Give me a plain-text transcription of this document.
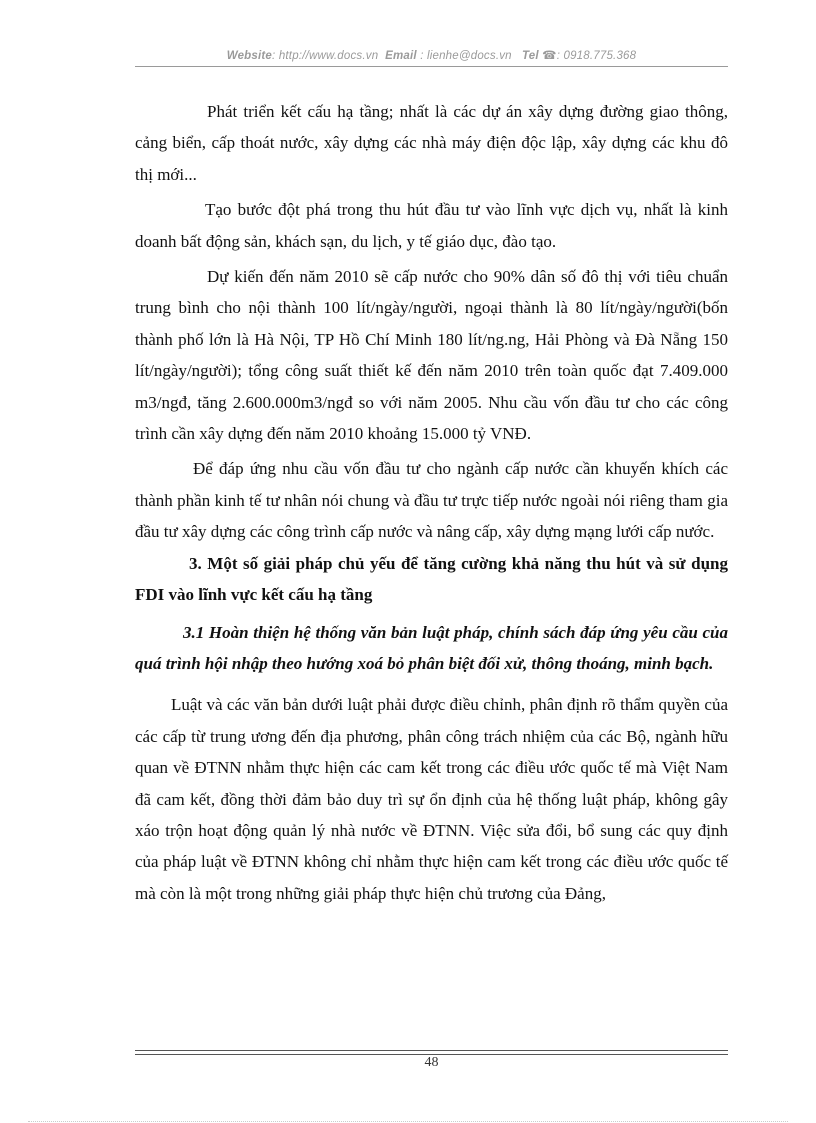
Website: http://www.docs.vn Email : lienhe@docs.vn Tel ☎: 0918.775.368

Phát triển kết cấu hạ tầng; nhất là các dự án xây dựng đường giao thông, cảng biển, cấp thoát nước, xây dựng các nhà máy điện độc lập, xây dựng các khu đô thị mới...

Tạo bước đột phá trong thu hút đầu tư vào lĩnh vực dịch vụ, nhất là kinh doanh bất động sản, khách sạn, du lịch, y tế giáo dục, đào tạo.

Dự kiến đến năm 2010 sẽ cấp nước cho 90% dân số đô thị với tiêu chuẩn trung bình cho nội thành 100 lít/ngày/người, ngoại thành là 80 lít/ngày/người(bốn thành phố lớn là Hà Nội, TP Hồ Chí Minh 180 lít/ng.ng, Hải Phòng và Đà Nẵng 150 lít/ngày/người); tổng công suất thiết kế đến năm 2010 trên toàn quốc đạt 7.409.000 m3/ngđ, tăng 2.600.000m3/ngđ so với năm 2005. Nhu cầu vốn đầu tư cho các công trình cần xây dựng đến năm 2010 khoảng 15.000 tỷ VNĐ.

Để đáp ứng nhu cầu vốn đầu tư cho ngành cấp nước cần khuyến khích các thành phần kinh tế tư nhân nói chung và đầu tư trực tiếp nước ngoài nói riêng tham gia đầu tư xây dựng các công trình cấp nước và nâng cấp, xây dựng mạng lưới cấp nước.

3. Một số giải pháp chủ yếu để tăng cường khả năng thu hút và sử dụng FDI vào lĩnh vực kết cấu hạ tầng

3.1 Hoàn thiện hệ thống văn bản luật pháp, chính sách đáp ứng yêu cầu của quá trình hội nhập theo hướng xoá bỏ phân biệt đối xử, thông thoáng, minh bạch.

Luật và các văn bản dưới luật phải được điều chỉnh, phân định rõ thẩm quyền của các cấp từ trung ương đến địa phương, phân công trách nhiệm của các Bộ, ngành hữu quan về ĐTNN nhằm thực hiện các cam kết trong các điều ước quốc tế mà Việt Nam đã cam kết, đồng thời đảm bảo duy trì sự ổn định của hệ thống luật pháp, không gây xáo trộn hoạt động quản lý nhà nước về ĐTNN. Việc sửa đổi, bổ sung các quy định của pháp luật về ĐTNN không chỉ nhằm thực hiện cam kết trong các điều ước quốc tế mà còn là một trong những giải pháp thực hiện chủ trương của Đảng,

48
